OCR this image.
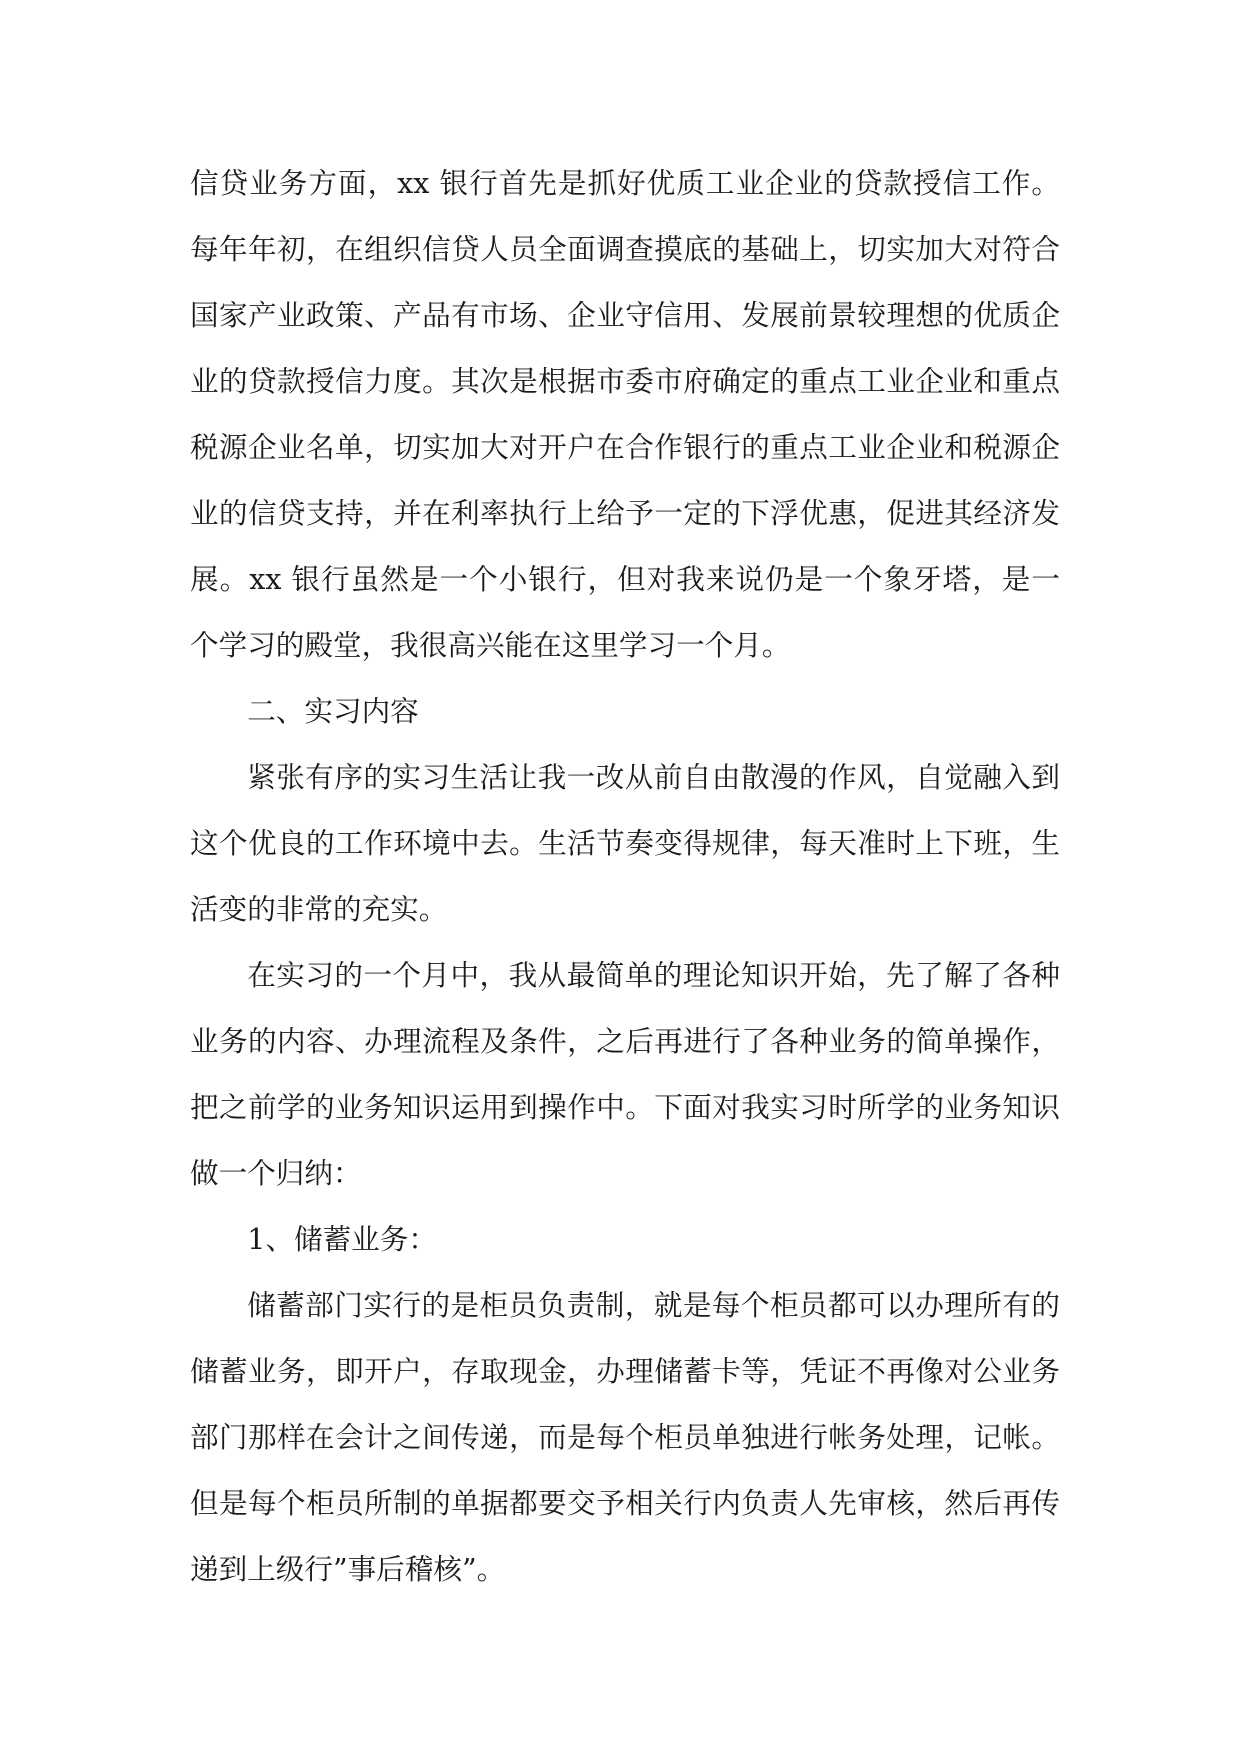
信贷业务方面，xx 银行首先是抓好优质工业企业的贷款授信工作。每年年初，在组织信贷人员全面调查摸底的基础上，切实加大对符合国家产业政策、产品有市场、企业守信用、发展前景较理想的优质企业的贷款授信力度。其次是根据市委市府确定的重点工业企业和重点税源企业名单，切实加大对开户在合作银行的重点工业企业和税源企业的信贷支持，并在利率执行上给予一定的下浮优惠，促进其经济发展。xx 银行虽然是一个小银行，但对我来说仍是一个象牙塔，是一个学习的殿堂，我很高兴能在这里学习一个月。

二、实习内容

紧张有序的实习生活让我一改从前自由散漫的作风，自觉融入到这个优良的工作环境中去。生活节奏变得规律，每天准时上下班，生活变的非常的充实。

在实习的一个月中，我从最简单的理论知识开始，先了解了各种业务的内容、办理流程及条件，之后再进行了各种业务的简单操作，把之前学的业务知识运用到操作中。下面对我实习时所学的业务知识做一个归纳：

1、储蓄业务：

储蓄部门实行的是柜员负责制，就是每个柜员都可以办理所有的储蓄业务，即开户，存取现金，办理储蓄卡等，凭证不再像对公业务部门那样在会计之间传递，而是每个柜员单独进行帐务处理，记帐。但是每个柜员所制的单据都要交予相关行内负责人先审核，然后再传递到上级行”事后稽核”。
